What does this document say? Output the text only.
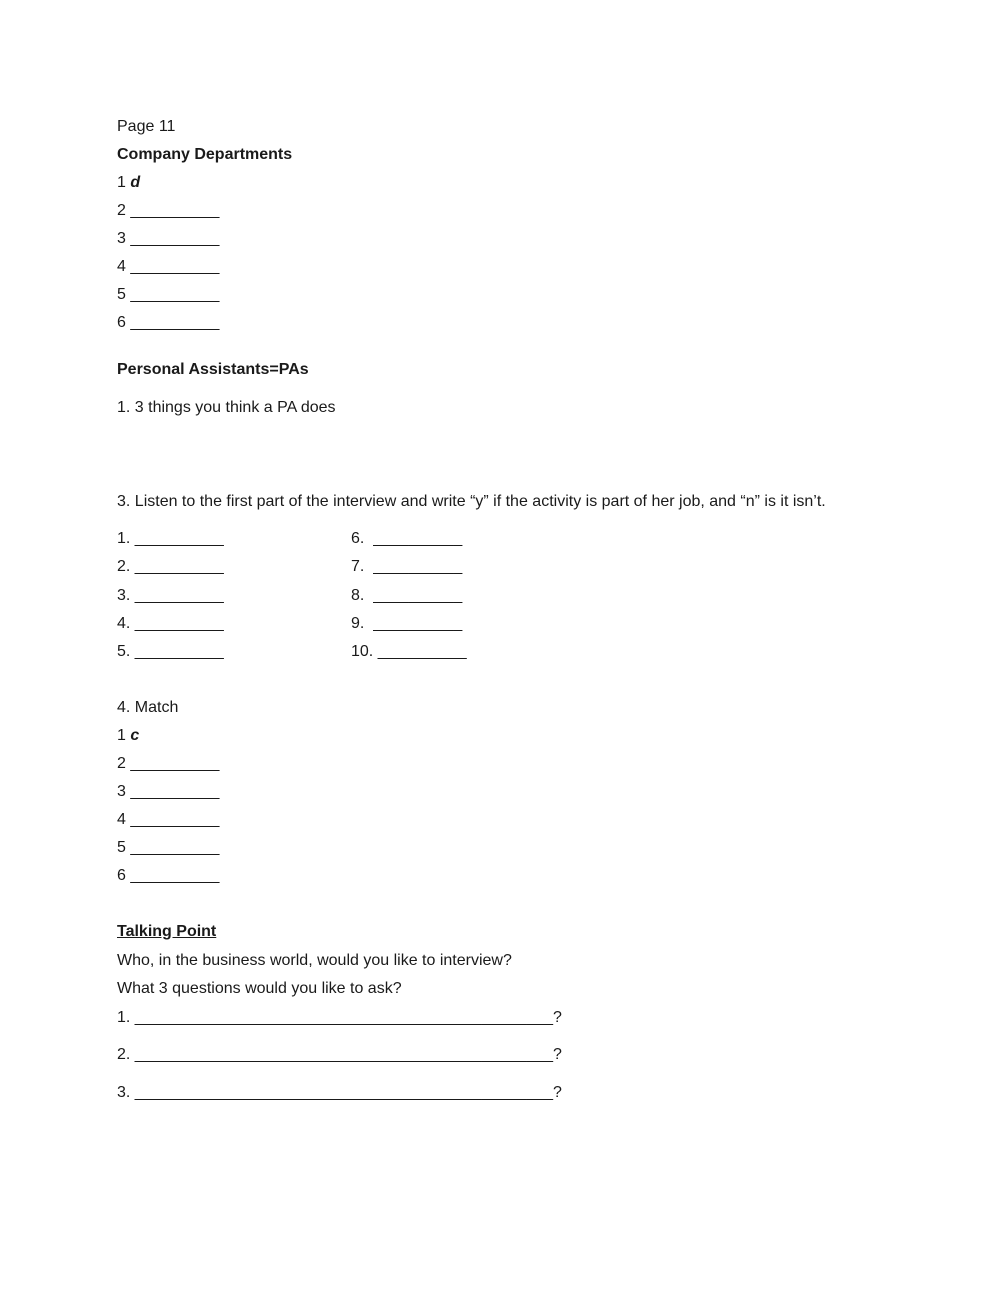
Page 11
Company Departments
1 d
2 __________
3 __________
4 __________
5 __________
6 __________
Personal Assistants=PAs
1. 3 things you think a PA does
3. Listen to the first part of the interview and write “y” if the activity is part of her job, and “n” is it isn’t.
1. __________
2. __________
3. __________
4. __________
5. __________
6.  __________
7.  __________
8.  __________
9.  __________
10. __________
4. Match
1 c
2 __________
3 __________
4 __________
5 __________
6 __________
Talking Point
Who, in the business world, would you like to interview?
What 3 questions would you like to ask?
1. _______________________________________________?
2. _______________________________________________?
3. _______________________________________________?
